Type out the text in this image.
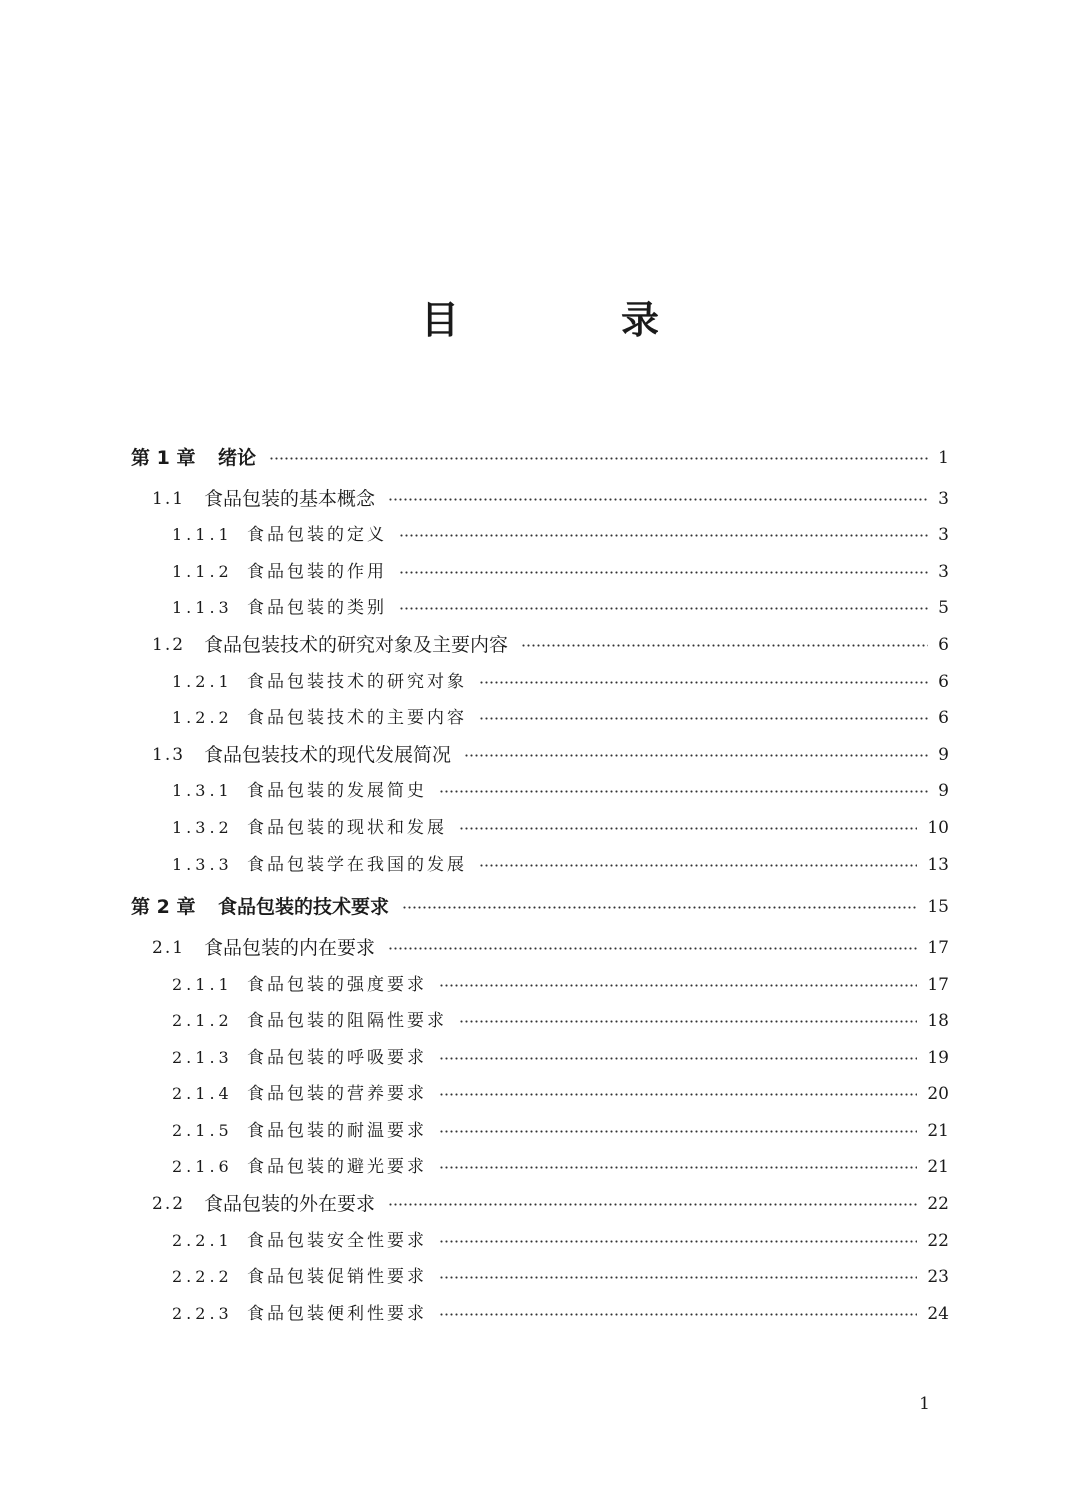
目　录
第 1 章 绪论	1
1.1 食品包装的基本概念	3
1.1.1 食品包装的定义	3
1.1.2 食品包装的作用	3
1.1.3 食品包装的类别	5
1.2 食品包装技术的研究对象及主要内容	6
1.2.1 食品包装技术的研究对象	6
1.2.2 食品包装技术的主要内容	6
1.3 食品包装技术的现代发展简况	9
1.3.1 食品包装的发展简史	9
1.3.2 食品包装的现状和发展	10
1.3.3 食品包装学在我国的发展	13
第 2 章 食品包装的技术要求	15
2.1 食品包装的内在要求	17
2.1.1 食品包装的强度要求	17
2.1.2 食品包装的阻隔性要求	18
2.1.3 食品包装的呼吸要求	19
2.1.4 食品包装的营养要求	20
2.1.5 食品包装的耐温要求	21
2.1.6 食品包装的避光要求	21
2.2 食品包装的外在要求	22
2.2.1 食品包装安全性要求	22
2.2.2 食品包装促销性要求	23
2.2.3 食品包装便利性要求	24
1
